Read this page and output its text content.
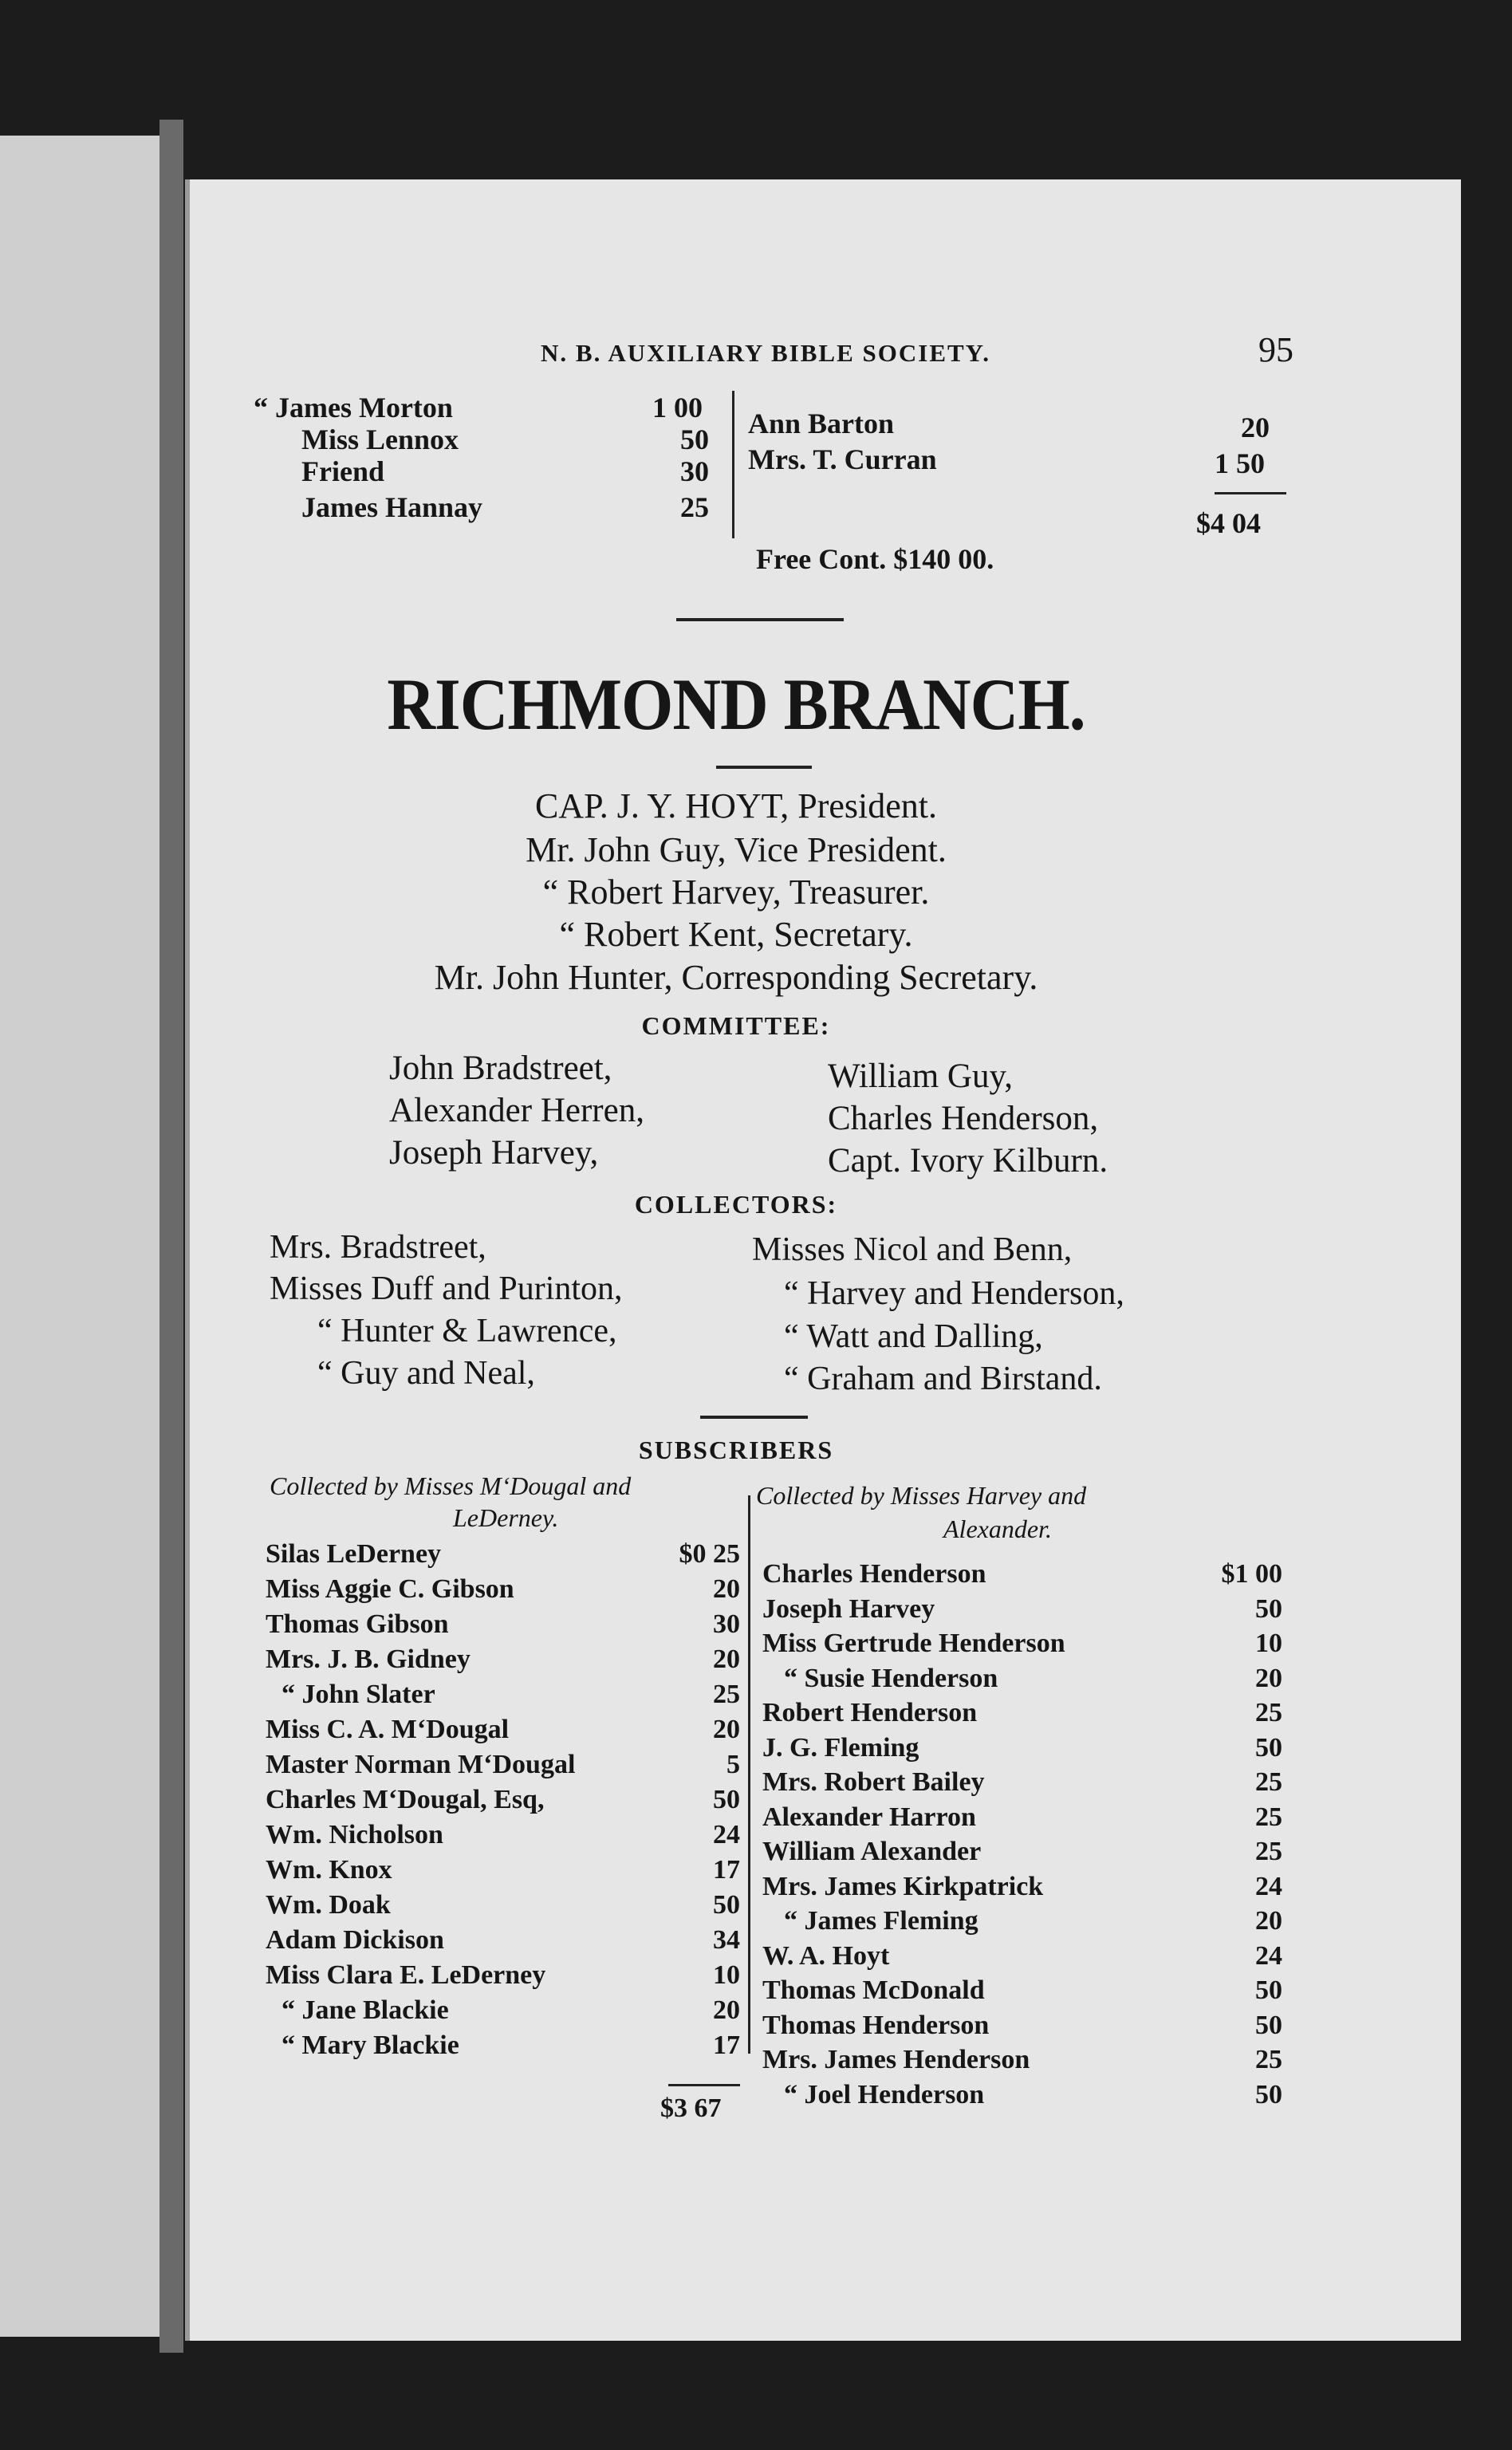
N. B. AUXILIARY BIBLE SOCIETY.	95
“ James Morton	1 00
Miss Lennox	50
Friend	30
James Hannay	25
Ann Barton	20
Mrs. T. Curran	1 50
$4 04
Free Cont. $140 00.
RICHMOND BRANCH.
CAP. J. Y. HOYT, President.
Mr. John Guy, Vice President.
“ Robert Harvey, Treasurer.
“ Robert Kent, Secretary.
Mr. John Hunter, Corresponding Secretary.
COMMITTEE:
John Bradstreet,
Alexander Herren,
Joseph Harvey,
William Guy,
Charles Henderson,
Capt. Ivory Kilburn.
COLLECTORS:
Mrs. Bradstreet,
Misses Duff and Purinton,
“ Hunter & Lawrence,
“ Guy and Neal,
Misses Nicol and Benn,
“ Harvey and Henderson,
“ Watt and Dalling,
“ Graham and Birstand.
SUBSCRIBERS
Collected by Misses M‘Dougal and
LeDerney.
Collected by Misses Harvey and
Alexander.
Silas LeDerney	$0 25
Miss Aggie C. Gibson	20
Thomas Gibson	30
Mrs. J. B. Gidney	20
“ John Slater	25
Miss C. A. M‘Dougal	20
Master Norman M‘Dougal	5
Charles M‘Dougal, Esq,	50
Wm. Nicholson	24
Wm. Knox	17
Wm. Doak	50
Adam Dickison	34
Miss Clara E. LeDerney	10
“ Jane Blackie	20
“ Mary Blackie	17
Charles Henderson	$1 00
Joseph Harvey	50
Miss Gertrude Henderson	10
“ Susie Henderson	20
Robert Henderson	25
J. G. Fleming	50
Mrs. Robert Bailey	25
Alexander Harron	25
William Alexander	25
Mrs. James Kirkpatrick	24
“ James Fleming	20
W. A. Hoyt	24
Thomas McDonald	50
Thomas Henderson	50
Mrs. James Henderson	25
“ Joel Henderson	50
$3 67
